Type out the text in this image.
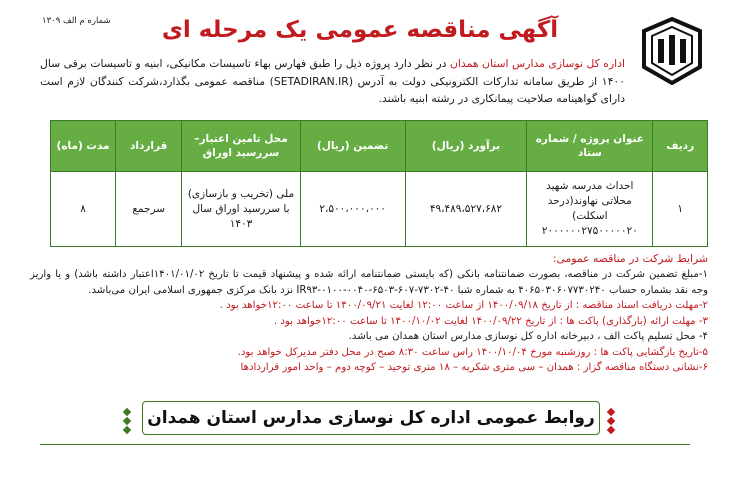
شماره م الف ۱۳۰۹	آگهی مناقصه عمومی یک مرحله ای
اداره کل نوسازی مدارس استان همدان در نظر دارد پروژه ذیل را طبق فهارس بهاء تاسیسات مکانیکی، ابنیه و تاسیسات برقی سال ۱۴۰۰ از طریق سامانه تدارکات الکترونیکی دولت به آدرس (SETADIRAN.IR) مناقصه عمومی بگذارد،شرکت کنندگان لازم است دارای گواهینامه صلاحیت پیمانکاری در رشته ابنیه باشند.
ردیف	عنوان پروژه / شماره ستاد	برآورد (ریال)	تضمین (ریال)	محل تامین اعتبار– سررسید اوراق	قرارداد	مدت (ماه)
۱	احداث مدرسه شهید محلاتی نهاوند(درحد اسکلت) ۲۰۰۰۰۰۰۲۷۵۰۰۰۰۰۲۰	۴۹،۴۸۹،۵۲۷،۶۸۲	۲،۵۰۰،۰۰۰،۰۰۰	ملی (تخریب و بازسازی) با سررسید اوراق سال ۱۴۰۳	سرجمع	۸
شرایط شرکت در مناقصه عمومی:
۱-مبلغ تضمین شرکت در مناقصه، بصورت ضمانتنامه بانکی (که بایستی ضمانتنامه ارائه شده و پیشنهاد قیمت تا تاریخ ۱۴۰۱/۰۱/۰۲اعتبار داشته باشد) و یا واریز وجه نقد بشماره حساب ۴۰۶۵۰۳۰۶۰۷۷۳۰۲۴۰ به شماره شبا ۴۰-۷۳۰۲-۶۰۷-۶۵۰۳-۰۰۴۰-۰۱۰۰-IR۹۳ نزد بانک مرکزی جمهوری اسلامی ایران می‌باشد.
۲-مهلت دریافت اسناد مناقصه : از تاریخ ۱۴۰۰/۰۹/۱۸ از ساعت ۱۲:۰۰ لغایت ۱۴۰۰/۰۹/۲۱ تا ساعت ۱۲:۰۰خواهد بود .
۳- مهلت ارائه (بارگذاری) پاکت ها : از تاریخ ۱۴۰۰/۰۹/۲۲ لغایت ۱۴۰۰/۱۰/۰۲ تا ساعت ۱۲:۰۰خواهد بود .
۴- محل تسلیم پاکت الف ، دبیرخانه اداره کل نوسازی مدارس استان همدان می باشد.
۵-تاریخ بازگشایی پاکت ها : روزشنبه مورخ ۱۴۰۰/۱۰/۰۴ راس ساعت ۸:۳۰ صبح در محل دفتر مدیرکل خواهد بود.
۶-نشانی دستگاه مناقصه گزار : همدان – سی متری شکریه – ۱۸ متری توحید – کوچه دوم – واحد امور قراردادها
روابط عمومی اداره کل نوسازی مدارس استان همدان
